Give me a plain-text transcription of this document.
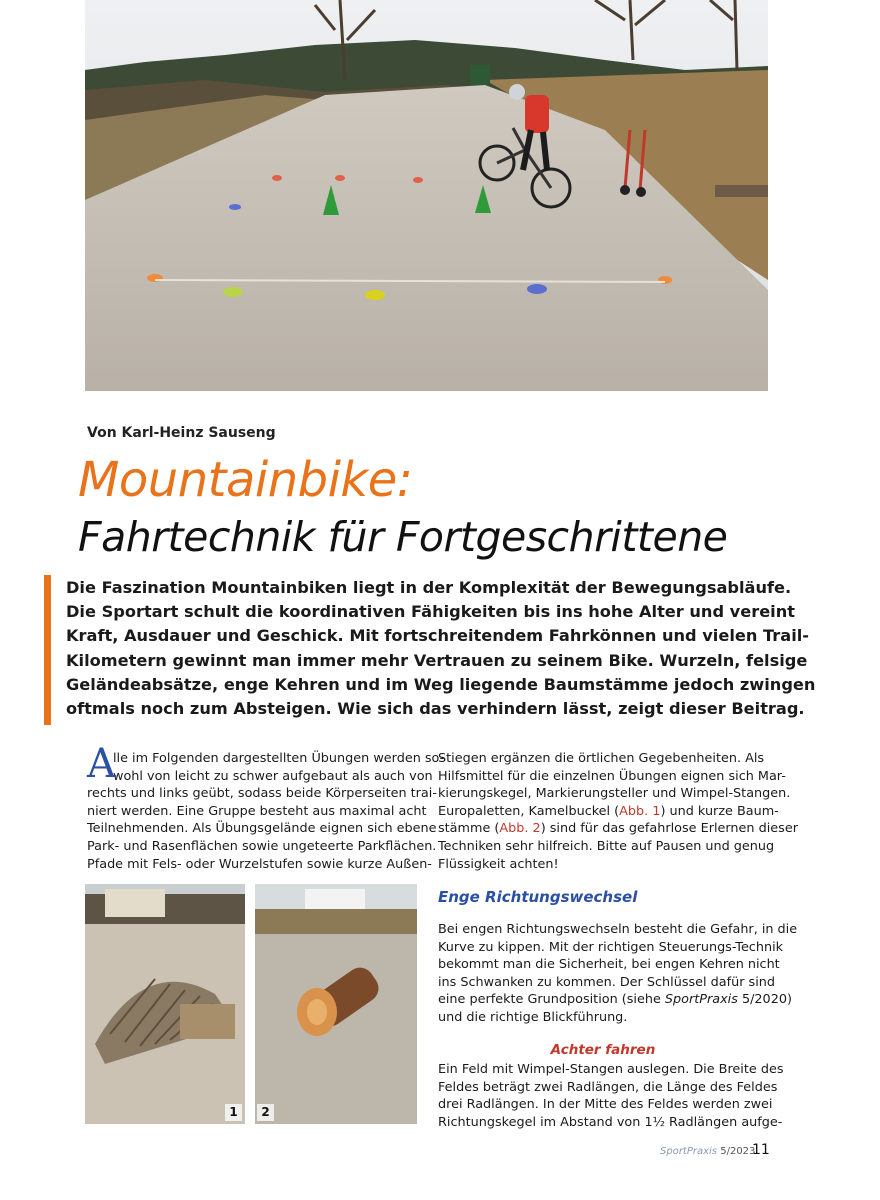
Von Karl-Heinz Sauseng
Mountainbike:
Fahrtechnik für Fortgeschrittene
Die Faszination Mountainbiken liegt in der Komplexität der Bewegungsabläufe.
Die Sportart schult die koordinativen Fähigkeiten bis ins hohe Alter und vereint
Kraft, Ausdauer und Geschick. Mit fortschreitendem Fahrkönnen und vielen Trail-
Kilometern gewinnt man immer mehr Vertrauen zu seinem Bike. Wurzeln, felsige
Geländeabsätze, enge Kehren und im Weg liegende Baumstämme jedoch zwingen
oftmals noch zum Absteigen. Wie sich das verhindern lässt, zeigt dieser Beitrag.
A
lle im Folgenden dargestellten Übungen werden so-
wohl von leicht zu schwer aufgebaut als auch von
rechts und links geübt, sodass beide Körperseiten trai-
niert werden. Eine Gruppe besteht aus maximal acht
Teilnehmenden. Als Übungsgelände eignen sich ebene
Park- und Rasenflächen sowie ungeteerte Parkflächen.
Pfade mit Fels- oder Wurzelstufen sowie kurze Außen-
1	2
Stiegen ergänzen die örtlichen Gegebenheiten. Als
Hilfsmittel für die einzelnen Übungen eignen sich Mar-
kierungskegel, Markierungsteller und Wimpel-Stangen.
Europaletten, Kamelbuckel (Abb. 1) und kurze Baum-
stämme (Abb. 2) sind für das gefahrlose Erlernen dieser
Techniken sehr hilfreich. Bitte auf Pausen und genug
Flüssigkeit achten!
Enge Richtungswechsel
Bei engen Richtungswechseln besteht die Gefahr, in die
Kurve zu kippen. Mit der richtigen Steuerungs-Technik
bekommt man die Sicherheit, bei engen Kehren nicht
ins Schwanken zu kommen. Der Schlüssel dafür sind
eine perfekte Grundposition (siehe SportPraxis 5/2020)
und die richtige Blickführung.
Achter fahren
Ein Feld mit Wimpel-Stangen auslegen. Die Breite des
Feldes beträgt zwei Radlängen, die Länge des Feldes
drei Radlängen. In der Mitte des Feldes werden zwei
Richtungskegel im Abstand von 1½ Radlängen aufge-
SportPraxis 5/2023
11
